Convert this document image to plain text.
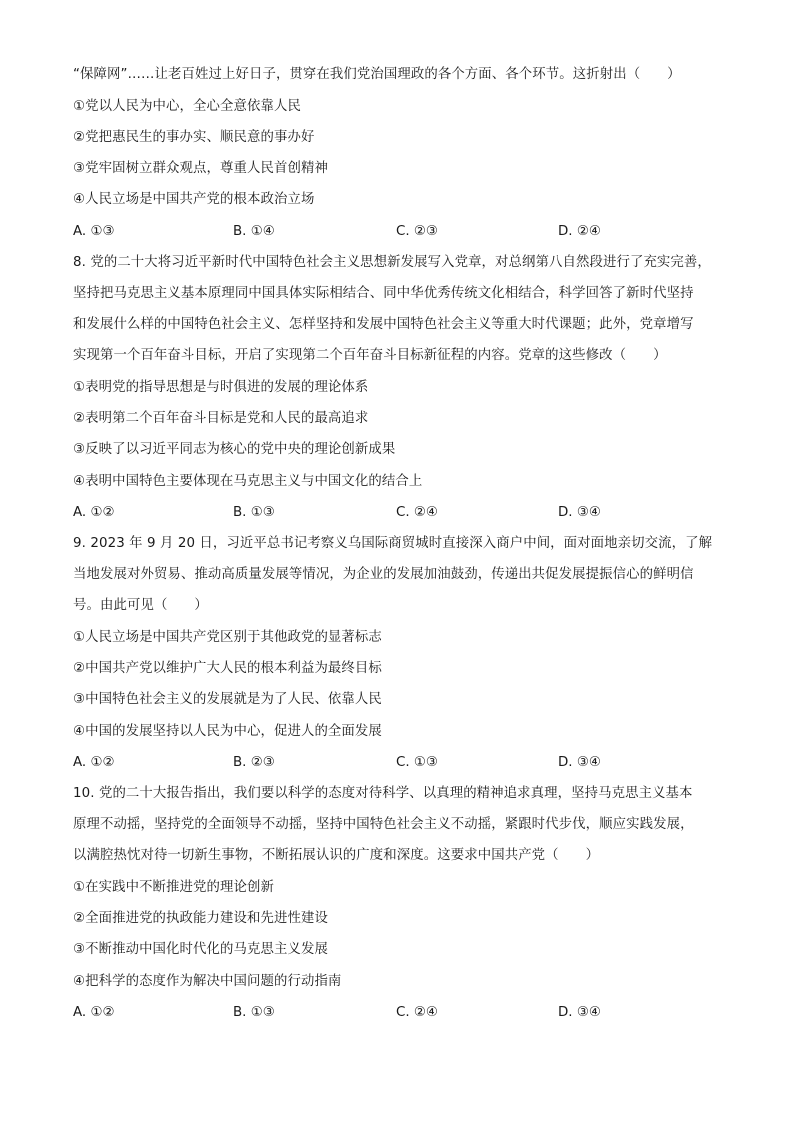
“保障网”……让老百姓过上好日子，贯穿在我们党治国理政的各个方面、各个环节。这折射出（　　）
①党以人民为中心，全心全意依靠人民
②党把惠民生的事办实、顺民意的事办好
③党牢固树立群众观点，尊重人民首创精神
④人民立场是中国共产党的根本政治立场
A. ①③	B. ①④	C. ②③	D. ②④
8. 党的二十大将习近平新时代中国特色社会主义思想新发展写入党章，对总纲第八自然段进行了充实完善，
坚持把马克思主义基本原理同中国具体实际相结合、同中华优秀传统文化相结合，科学回答了新时代坚持
和发展什么样的中国特色社会主义、怎样坚持和发展中国特色社会主义等重大时代课题；此外，党章增写
实现第一个百年奋斗目标，开启了实现第二个百年奋斗目标新征程的内容。党章的这些修改（　　）
①表明党的指导思想是与时俱进的发展的理论体系
②表明第二个百年奋斗目标是党和人民的最高追求
③反映了以习近平同志为核心的党中央的理论创新成果
④表明中国特色主要体现在马克思主义与中国文化的结合上
A. ①②	B. ①③	C. ②④	D. ③④
9. 2023 年 9 月 20 日，习近平总书记考察义乌国际商贸城时直接深入商户中间，面对面地亲切交流，了解
当地发展对外贸易、推动高质量发展等情况，为企业的发展加油鼓劲，传递出共促发展提振信心的鲜明信
号。由此可见（　　）
①人民立场是中国共产党区别于其他政党的显著标志
②中国共产党以维护广大人民的根本利益为最终目标
③中国特色社会主义的发展就是为了人民、依靠人民
④中国的发展坚持以人民为中心，促进人的全面发展
A. ①②	B. ②③	C. ①③	D. ③④
10. 党的二十大报告指出，我们要以科学的态度对待科学、以真理的精神追求真理，坚持马克思主义基本
原理不动摇，坚持党的全面领导不动摇，坚持中国特色社会主义不动摇，紧跟时代步伐，顺应实践发展，
以满腔热忱对待一切新生事物，不断拓展认识的广度和深度。这要求中国共产党（　　）
①在实践中不断推进党的理论创新
②全面推进党的执政能力建设和先进性建设
③不断推动中国化时代化的马克思主义发展
④把科学的态度作为解决中国问题的行动指南
A. ①②	B. ①③	C. ②④	D. ③④
